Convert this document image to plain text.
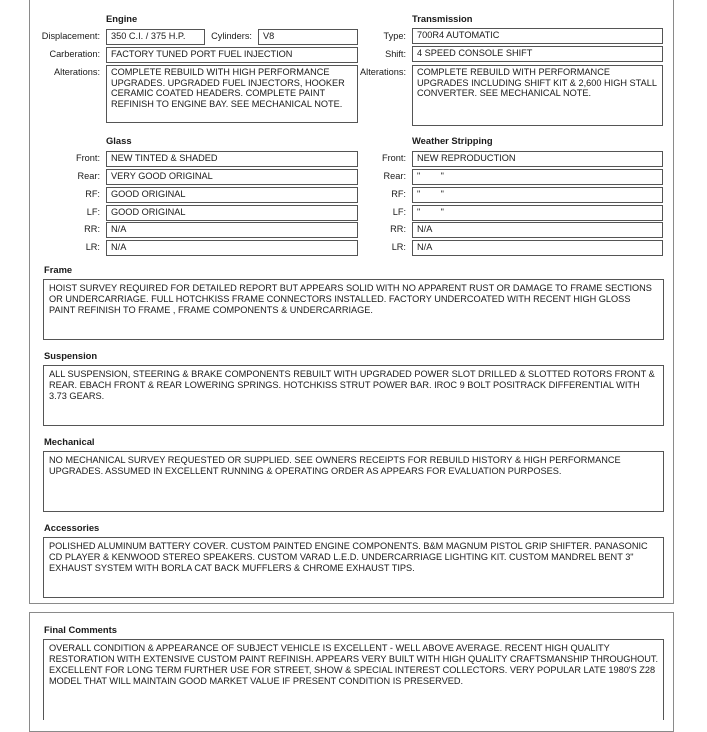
Engine
Displacement:	350 C.I. / 375 H.P.	Cylinders:	V8
Carberation:	FACTORY TUNED PORT FUEL INJECTION
Alterations:	COMPLETE REBUILD WITH HIGH PERFORMANCE UPGRADES. UPGRADED FUEL INJECTORS, HOOKER CERAMIC COATED HEADERS. COMPLETE PAINT REFINISH TO ENGINE BAY. SEE MECHANICAL NOTE.
Transmission
Type:	700R4 AUTOMATIC
Shift:	4 SPEED CONSOLE SHIFT
Alterations:	COMPLETE REBUILD WITH PERFORMANCE UPGRADES INCLUDING SHIFT KIT & 2,600 HIGH STALL CONVERTER. SEE MECHANICAL NOTE.
Glass
Front:	NEW TINTED & SHADED
Rear:	VERY GOOD ORIGINAL
RF:	GOOD ORIGINAL
LF:	GOOD ORIGINAL
RR:	N/A
LR:	N/A
Weather Stripping
Front:	NEW REPRODUCTION
Rear:	"        "
RF:	"        "
LF:	"        "
RR:	N/A
LR:	N/A
Frame
HOIST SURVEY REQUIRED FOR DETAILED REPORT BUT APPEARS SOLID WITH NO APPARENT RUST OR DAMAGE TO FRAME SECTIONS OR UNDERCARRIAGE. FULL HOTCHKISS FRAME CONNECTORS INSTALLED. FACTORY UNDERCOATED WITH RECENT HIGH GLOSS PAINT REFINISH TO FRAME , FRAME COMPONENTS & UNDERCARRIAGE.
Suspension
ALL SUSPENSION, STEERING & BRAKE COMPONENTS REBUILT WITH UPGRADED POWER SLOT DRILLED & SLOTTED ROTORS FRONT & REAR. EBACH FRONT & REAR LOWERING SPRINGS. HOTCHKISS STRUT POWER BAR. IROC 9 BOLT POSITRACK DIFFERENTIAL WITH 3.73 GEARS.
Mechanical
NO MECHANICAL SURVEY REQUESTED OR SUPPLIED. SEE OWNERS RECEIPTS FOR REBUILD HISTORY & HIGH PERFORMANCE UPGRADES. ASSUMED IN EXCELLENT RUNNING & OPERATING ORDER AS APPEARS FOR EVALUATION PURPOSES.
Accessories
POLISHED ALUMINUM BATTERY COVER. CUSTOM PAINTED ENGINE COMPONENTS. B&M MAGNUM PISTOL GRIP SHIFTER. PANASONIC CD PLAYER & KENWOOD STEREO SPEAKERS. CUSTOM VARAD L.E.D. UNDERCARRIAGE LIGHTING KIT. CUSTOM MANDREL BENT 3" EXHAUST SYSTEM WITH BORLA CAT BACK MUFFLERS & CHROME EXHAUST TIPS.
Final Comments
OVERALL CONDITION & APPEARANCE OF SUBJECT VEHICLE IS EXCELLENT - WELL ABOVE AVERAGE. RECENT HIGH QUALITY RESTORATION WITH EXTENSIVE CUSTOM PAINT REFINISH. APPEARS VERY BUILT WITH HIGH QUALITY CRAFTSMANSHIP THROUGHOUT. EXCELLENT FOR LONG TERM FURTHER USE FOR STREET, SHOW & SPECIAL INTEREST COLLECTORS. VERY POPULAR LATE 1980'S Z28 MODEL THAT WILL MAINTAIN GOOD MARKET VALUE IF PRESENT CONDITION IS PRESERVED.
